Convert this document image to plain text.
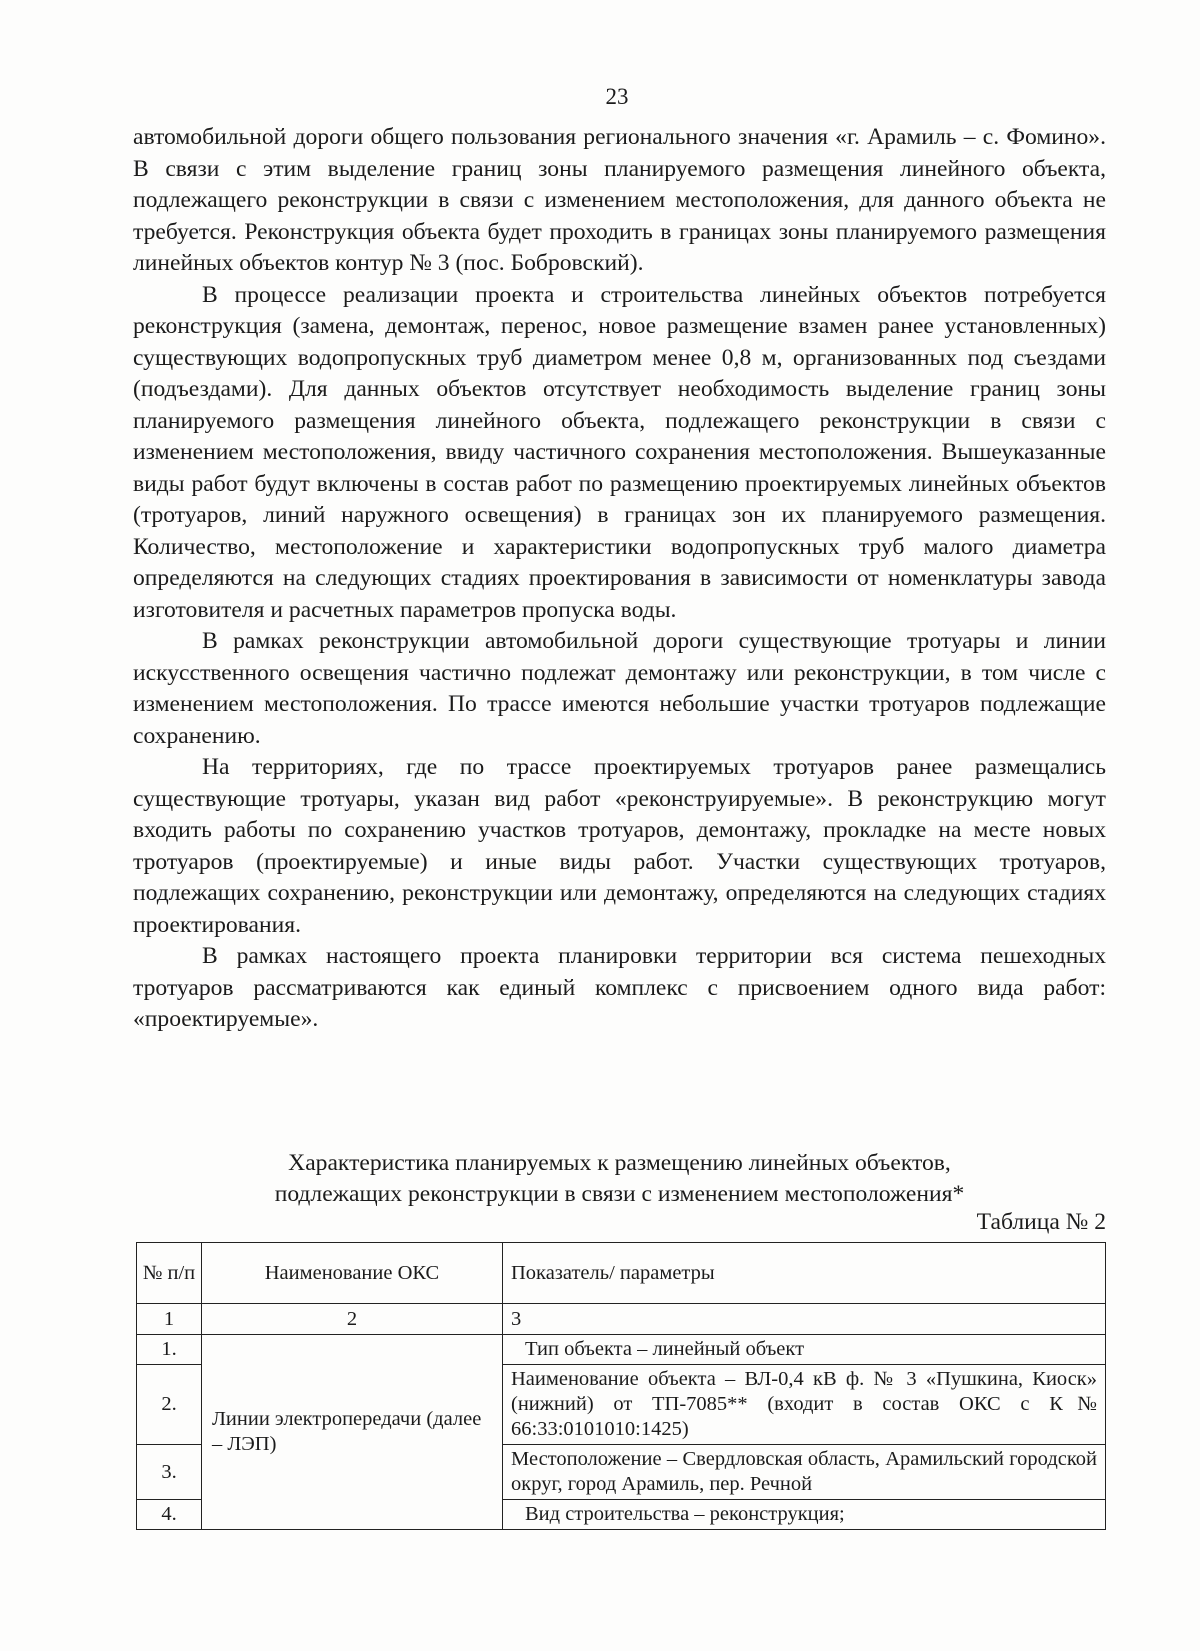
23

автомобильной дороги общего пользования регионального значения «г. Арамиль – с. Фомино». В связи с этим выделение границ зоны планируемого размещения линейного объекта, подлежащего реконструкции в связи с изменением местоположения, для данного объекта не требуется. Реконструкция объекта будет проходить в границах зоны планируемого размещения линейных объектов контур № 3 (пос. Бобровский).

В процессе реализации проекта и строительства линейных объектов потребуется реконструкция (замена, демонтаж, перенос, новое размещение взамен ранее установленных) существующих водопропускных труб диаметром менее 0,8 м, организованных под съездами (подъездами). Для данных объектов отсутствует необходимость выделение границ зоны планируемого размещения линейного объекта, подлежащего реконструкции в связи с изменением местоположения, ввиду частичного сохранения местоположения. Вышеуказанные виды работ будут включены в состав работ по размещению проектируемых линейных объектов (тротуаров, линий наружного освещения) в границах зон их планируемого размещения. Количество, местоположение и характеристики водопропускных труб малого диаметра определяются на следующих стадиях проектирования в зависимости от номенклатуры завода изготовителя и расчетных параметров пропуска воды.

В рамках реконструкции автомобильной дороги существующие тротуары и линии искусственного освещения частично подлежат демонтажу или реконструкции, в том числе с изменением местоположения. По трассе имеются небольшие участки тротуаров подлежащие сохранению.

На территориях, где по трассе проектируемых тротуаров ранее размещались существующие тротуары, указан вид работ «реконструируемые». В реконструкцию могут входить работы по сохранению участков тротуаров, демонтажу, прокладке на месте новых тротуаров (проектируемые) и иные виды работ. Участки существующих тротуаров, подлежащих сохранению, реконструкции или демонтажу, определяются на следующих стадиях проектирования.

В рамках настоящего проекта планировки территории вся система пешеходных тротуаров рассматриваются как единый комплекс с присвоением одного вида работ: «проектируемые».

Характеристика планируемых к размещению линейных объектов,
подлежащих реконструкции в связи с изменением местоположения*
Таблица № 2
№ п/п	Наименование ОКС	Показатель/ параметры
1	2	3
1.	Линии электропередачи (далее – ЛЭП)	Тип объекта – линейный объект
2.		Наименование объекта – ВЛ-0,4 кВ ф. № 3 «Пушкина, Киоск» (нижний) от ТП-7085** (входит в состав ОКС с К№ 66:33:0101010:1425)
3.		Местоположение – Свердловская область, Арамильский городской округ, город Арамиль, пер. Речной
4.		Вид строительства – реконструкция;
